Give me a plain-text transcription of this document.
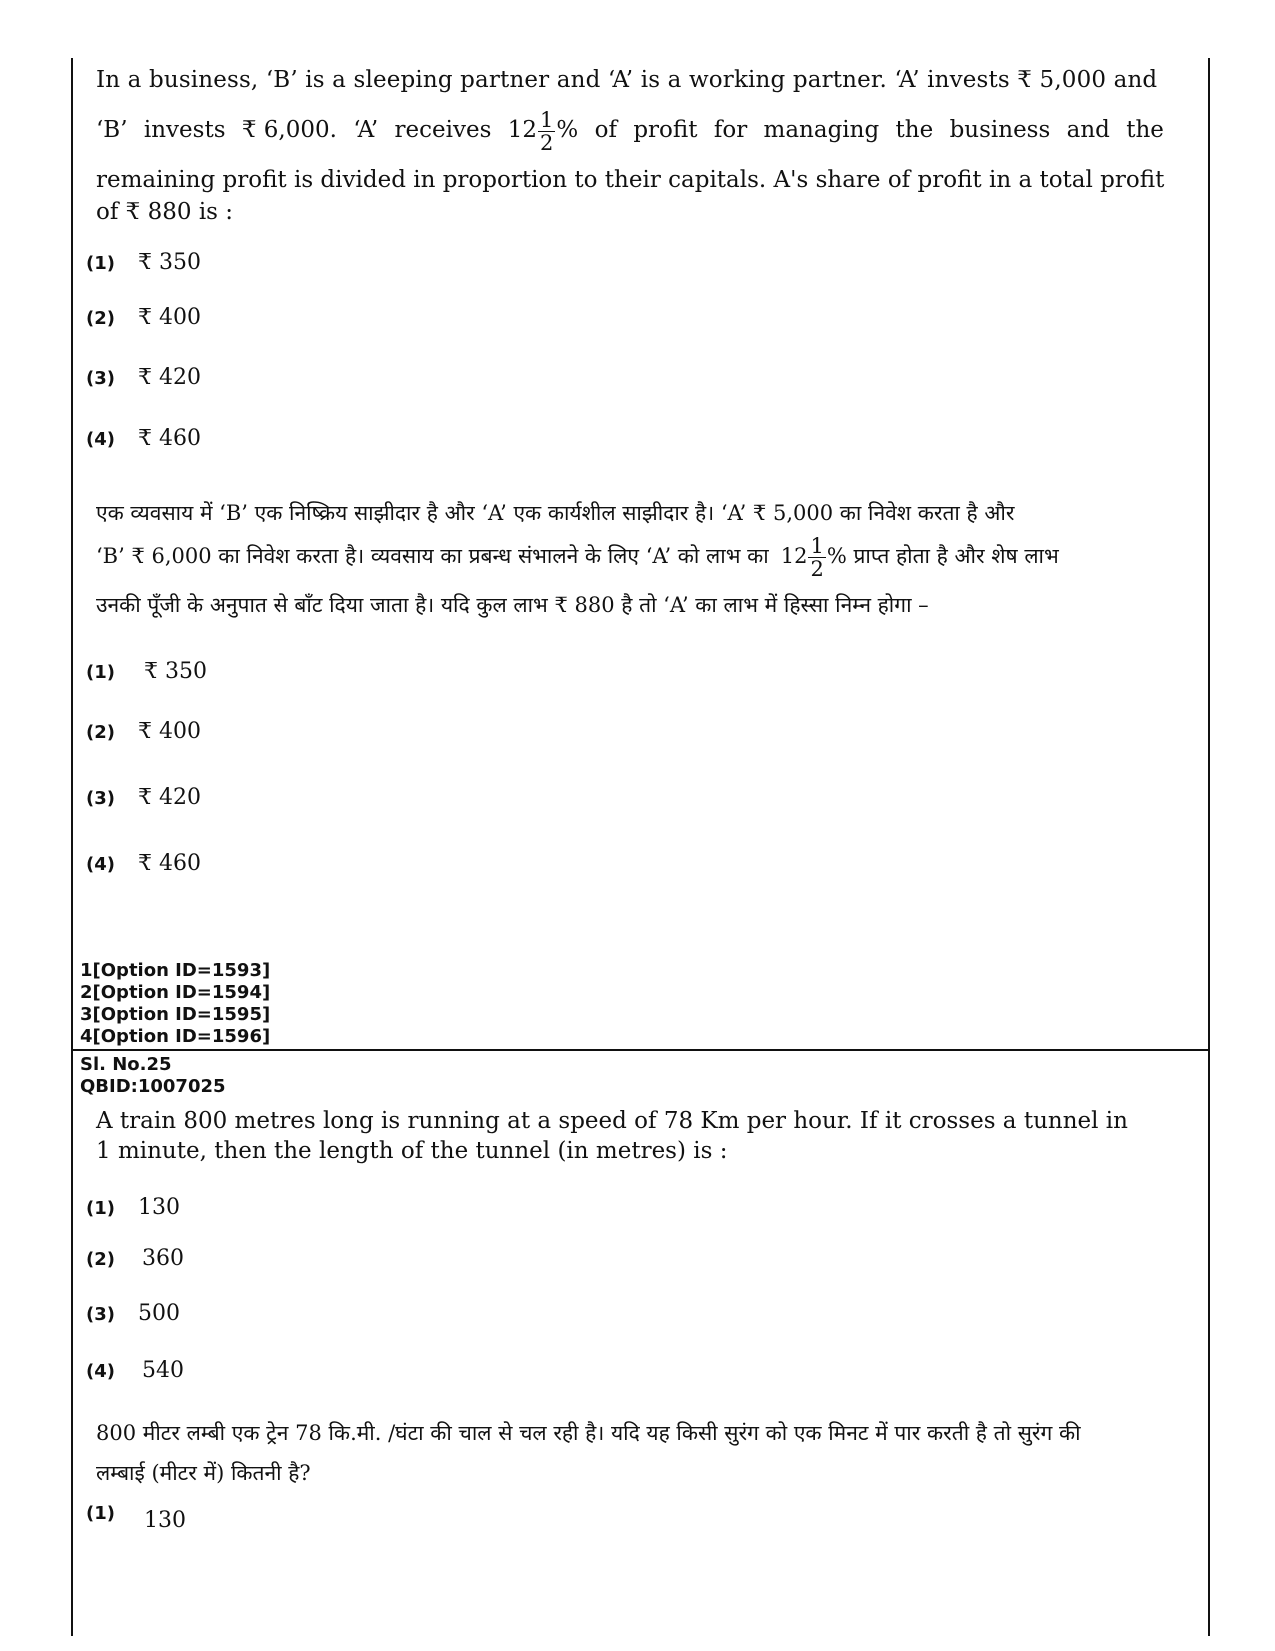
In a business, ‘B’ is a sleeping partner and ‘A’ is a working partner. ‘A’ invests ₹ 5,000 and
‘B’ invests ₹ 6,000. ‘A’ receives $12 \frac{1}{2}$ % of profit for managing the business and the
remaining profit is divided in proportion to their capitals. A's share of profit in a total profit
of ₹ 880 is :
(1)	₹ 350
(2)	₹ 400
(3)	₹ 420
(4)	₹ 460
एक व्यवसाय में ‘B’ एक निष्क्रिय साझीदार है और ‘A’ एक कार्यशील साझीदार है। ‘A’ ₹ 5,000 का निवेश करता है और
‘B’ ₹ 6,000 का निवेश करता है। व्यवसाय का प्रबन्ध संभालने के लिए ‘A’ को लाभ का $12 \frac{1}{2}$ % प्राप्त होता है और शेष लाभ
उनकी पूँजी के अनुपात से बाँट दिया जाता है। यदि कुल लाभ ₹ 880 है तो ‘A’ का लाभ में हिस्सा निम्न होगा –
(1)	₹ 350
(2)	₹ 400
(3)	₹ 420
(4)	₹ 460
1[Option ID=1593]
2[Option ID=1594]
3[Option ID=1595]
4[Option ID=1596]
Sl. No.25
QBID:1007025
A train 800 metres long is running at a speed of 78 Km per hour. If it crosses a tunnel in
1 minute, then the length of the tunnel (in metres) is :
(1)	130
(2)	360
(3)	500
(4)	540
800 मीटर लम्बी एक ट्रेन 78 कि.मी. /घंटा की चाल से चल रही है। यदि यह किसी सुरंग को एक मिनट में पार करती है तो सुरंग की
लम्बाई (मीटर में) कितनी है?
(1)	130
